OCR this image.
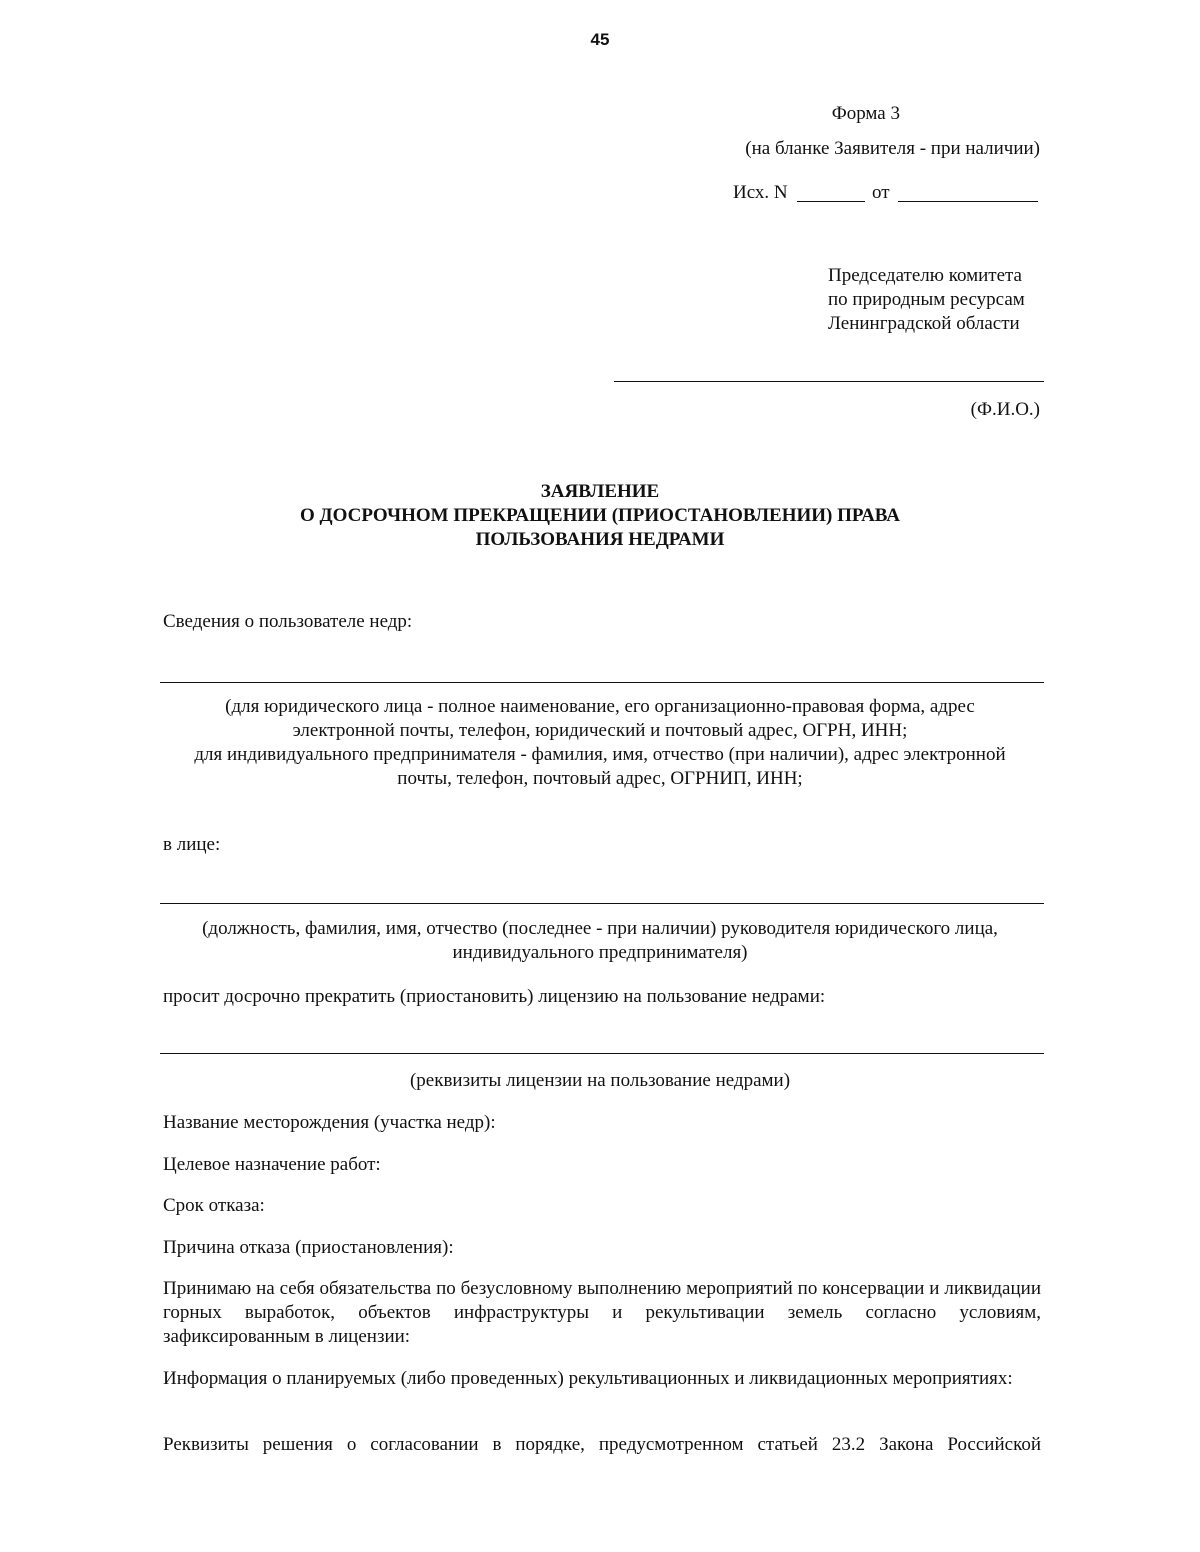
45
Форма 3
(на бланке Заявителя - при наличии)
Исх. N	от
Председателю комитета
по природным ресурсам
Ленинградской области
(Ф.И.О.)
ЗАЯВЛЕНИЕ
О ДОСРОЧНОМ ПРЕКРАЩЕНИИ (ПРИОСТАНОВЛЕНИИ) ПРАВА
ПОЛЬЗОВАНИЯ НЕДРАМИ
Сведения о пользователе недр:
(для юридического лица - полное наименование, его организационно-правовая форма, адрес
электронной почты, телефон, юридический и почтовый адрес, ОГРН, ИНН;
для индивидуального предпринимателя - фамилия, имя, отчество (при наличии), адрес электронной
почты, телефон, почтовый адрес, ОГРНИП, ИНН;
в лице:
(должность, фамилия, имя, отчество (последнее - при наличии) руководителя юридического лица,
индивидуального предпринимателя)
просит досрочно прекратить (приостановить) лицензию на пользование недрами:
(реквизиты лицензии на пользование недрами)
Название месторождения (участка недр):
Целевое назначение работ:
Срок отказа:
Причина отказа (приостановления):
Принимаю на себя обязательства по безусловному выполнению мероприятий по консервации и ликвидации горных выработок, объектов инфраструктуры и рекультивации земель согласно условиям, зафиксированным в лицензии:
Информация о планируемых (либо проведенных) рекультивационных и ликвидационных мероприятиях:
Реквизиты решения о согласовании в порядке, предусмотренном статьей 23.2 Закона Российской
